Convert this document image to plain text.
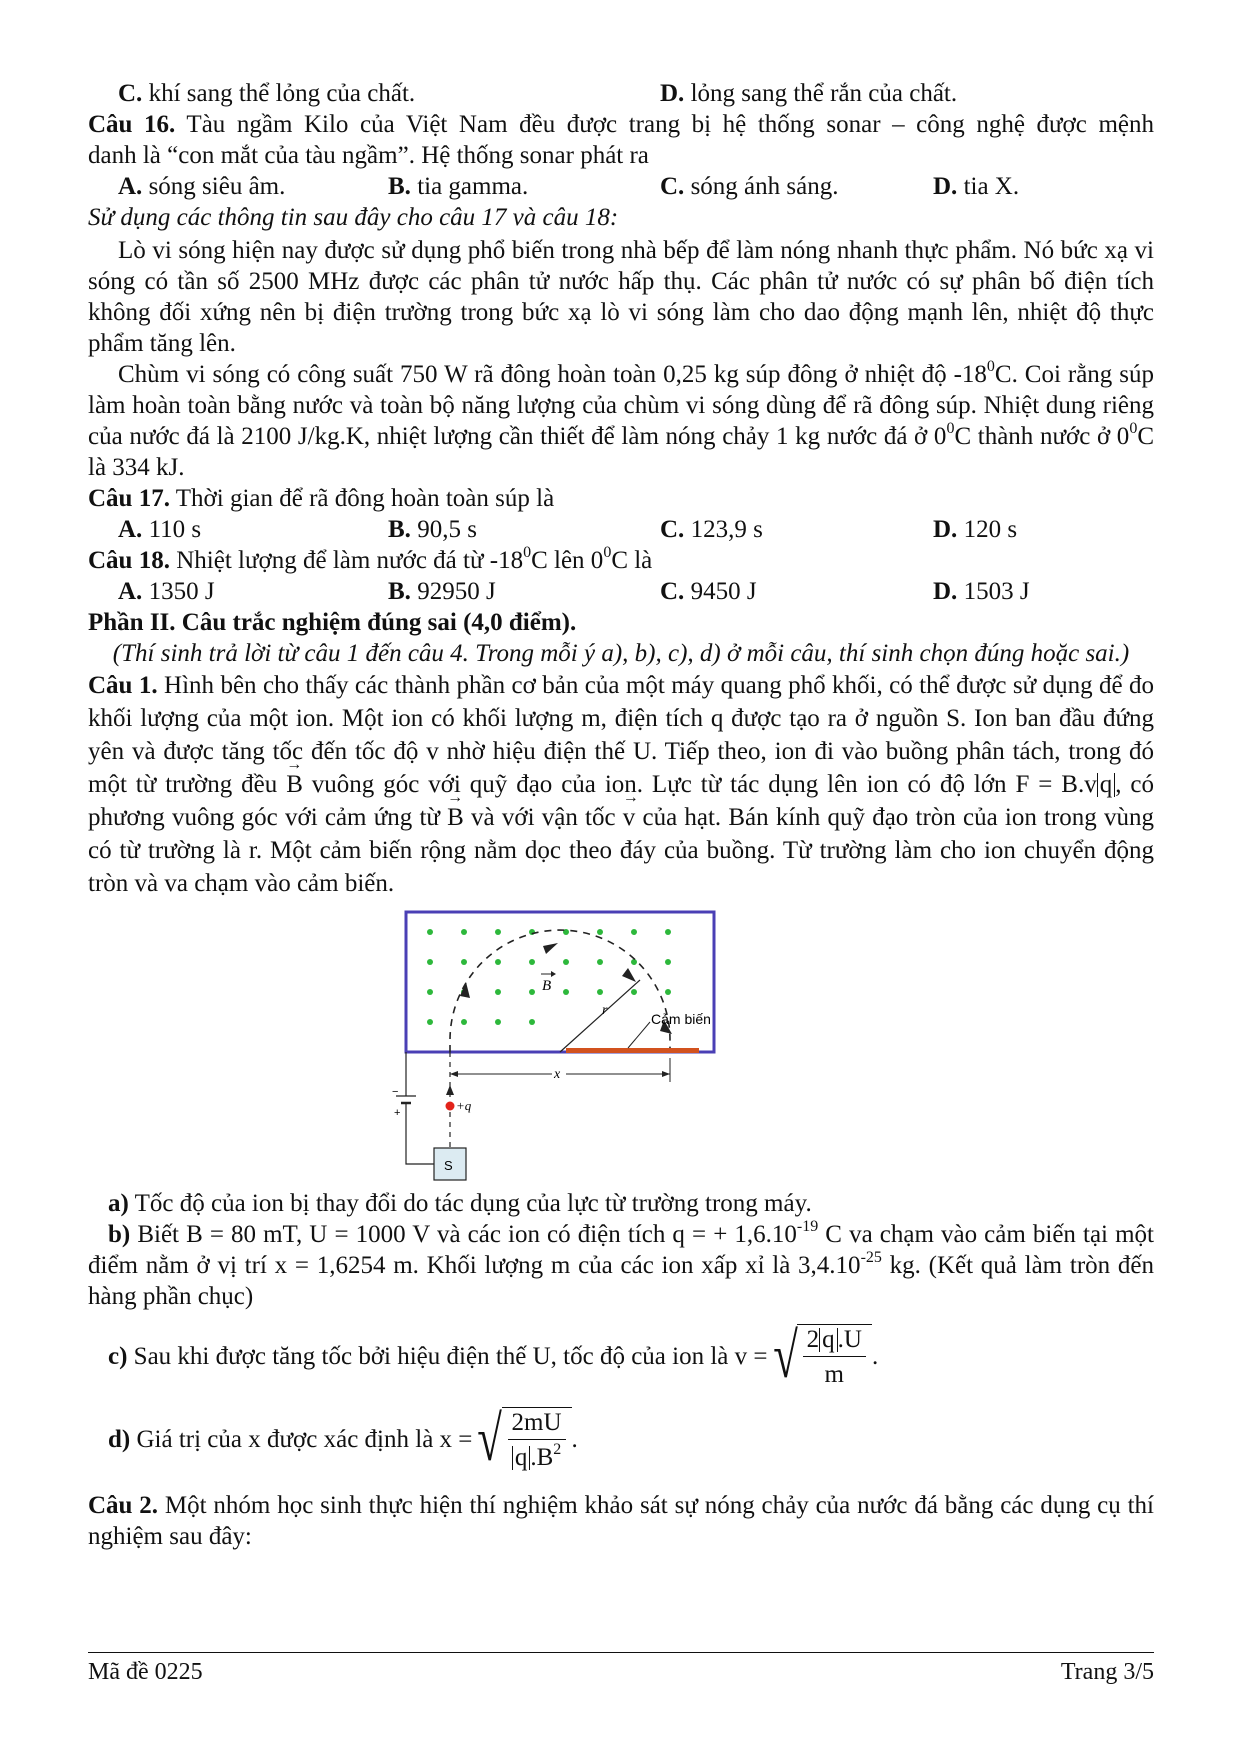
C. khí sang thể lỏng của chất.	D. lỏng sang thể rắn của chất.
Câu 16. Tàu ngầm Kilo của Việt Nam đều được trang bị hệ thống sonar – công nghệ được mệnh
danh là “con mắt của tàu ngầm”. Hệ thống sonar phát ra
A. sóng siêu âm.	B. tia gamma.	C. sóng ánh sáng.	D. tia X.
Sử dụng các thông tin sau đây cho câu 17 và câu 18:
Lò vi sóng hiện nay được sử dụng phổ biến trong nhà bếp để làm nóng nhanh thực phẩm. Nó bức xạ vi sóng có tần số 2500 MHz được các phân tử nước hấp thụ. Các phân tử nước có sự phân bố điện tích không đối xứng nên bị điện trường trong bức xạ lò vi sóng làm cho dao động mạnh lên, nhiệt độ thực phẩm tăng lên.
Chùm vi sóng có công suất 750 W rã đông hoàn toàn 0,25 kg súp đông ở nhiệt độ $-18^0C$. Coi rằng súp làm hoàn toàn bằng nước và toàn bộ năng lượng của chùm vi sóng dùng để rã đông súp. Nhiệt dung riêng của nước đá là 2100 J/kg.K, nhiệt lượng cần thiết để làm nóng chảy 1 kg nước đá ở $0^0C$ thành nước ở $0^0C$ là 334 kJ.
Câu 17. Thời gian để rã đông hoàn toàn súp là
A. 110 s	B. 90,5 s	C. 123,9 s	D. 120 s
Câu 18. Nhiệt lượng để làm nước đá từ $-18^0C$ lên $0^0C$ là
A. 1350 J	B. 92950 J	C. 9450 J	D. 1503 J
Phần II. Câu trắc nghiệm đúng sai (4,0 điểm).
(Thí sinh trả lời từ câu 1 đến câu 4. Trong mỗi ý a), b), c), d) ở mỗi câu, thí sinh chọn đúng hoặc sai.)
Câu 1. Hình bên cho thấy các thành phần cơ bản của một máy quang phổ khối, có thể được sử dụng để đo khối lượng của một ion. Một ion có khối lượng m, điện tích q được tạo ra ở nguồn S. Ion ban đầu đứng yên và được tăng tốc đến tốc độ v nhờ hiệu điện thế U. Tiếp theo, ion đi vào buồng phân tách, trong đó một từ trường đều → B vuông góc với quỹ đạo của ion. Lực từ tác dụng lên ion có độ lớn F = B.v q , có phương vuông góc với cảm ứng từ → B và với vận tốc → v của hạt. Bán kính quỹ đạo tròn của ion trong vùng có từ trường là r. Một cảm biến rộng nằm dọc theo đáy của buồng. Từ trường làm cho ion chuyển động tròn và va chạm vào cảm biến.
r
B
Cảm biến
x
+q
−
+
S
a) Tốc độ của ion bị thay đổi do tác dụng của lực từ trường trong máy.
b) Biết B = 80 mT, U = 1000 V và các ion có điện tích q = + $1,6.10^{-19}$ C va chạm vào cảm biến tại một điểm nằm ở vị trí x = 1,6254 m. Khối lượng m của các ion xấp xỉ là $3,4.10^{-25}$ kg. (Kết quả làm tròn đến hàng phần chục)
c) Sau khi được tăng tốc bởi hiệu điện thế U, tốc độ của ion là v = √ $\frac{2 q .U}{m}$ .
d) Giá trị của x được xác định là x = √ $\frac{2mU}{q .B^2}$ .
Câu 2. Một nhóm học sinh thực hiện thí nghiệm khảo sát sự nóng chảy của nước đá bằng các dụng cụ thí nghiệm sau đây:
Mã đề 0225	Trang 3/5
